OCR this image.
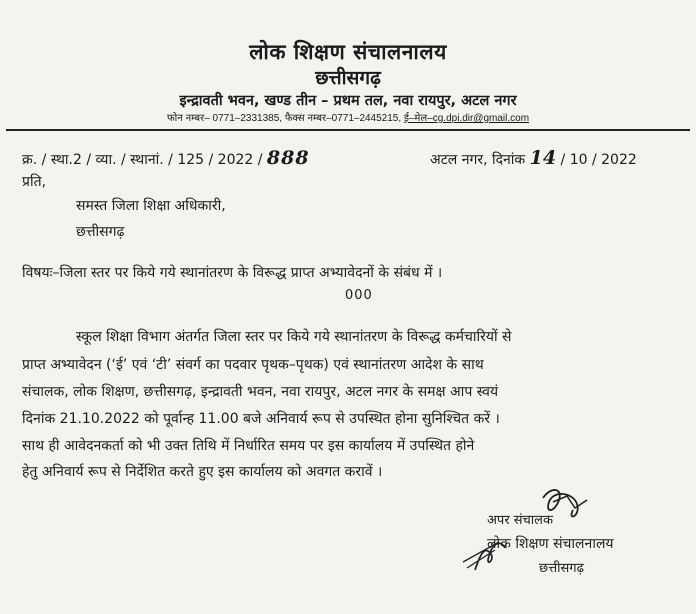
लोक शिक्षण संचालनालय
छत्तीसगढ़
इन्द्रावती भवन, खण्ड तीन – प्रथम तल, नवा रायपुर, अटल नगर
फोन नम्बर– 0771–2331385, फैक्स नम्बर–0771–2445215, ई–मेल–cg.dpi.dir@gmail.com
क्र. / स्था.2 / व्या. / स्थानां. / 125 / 2022 / 888	अटल नगर, दिनांक 14 / 10 / 2022
प्रति,
समस्त जिला शिक्षा अधिकारी,
छत्तीसगढ़
विषयः–जिला स्तर पर किये गये स्थानांतरण के विरूद्ध प्राप्त अभ्यावेदनों के संबंध में ।
000
स्कूल शिक्षा विभाग अंतर्गत जिला स्तर पर किये गये स्थानांतरण के विरूद्ध कर्मचारियों से
प्राप्त अभ्यावेदन (‘ई’ एवं ‘टी’ संवर्ग का पदवार पृथक–पृथक) एवं स्थानांतरण आदेश के साथ
संचालक, लोक शिक्षण, छत्तीसगढ़, इन्द्रावती भवन, नवा रायपुर, अटल नगर के समक्ष आप स्वयं
दिनांक 21.10.2022 को पूर्वान्ह 11.00 बजे अनिवार्य रूप से उपस्थित होना सुनिश्चित करें ।
साथ ही आवेदनकर्ता को भी उक्त तिथि में निर्धारित समय पर इस कार्यालय में उपस्थित होने
हेतु अनिवार्य रूप से निर्देशित करते हुए इस कार्यालय को अवगत करावें ।
अपर संचालक
लोक शिक्षण संचालनालय
छत्तीसगढ़
